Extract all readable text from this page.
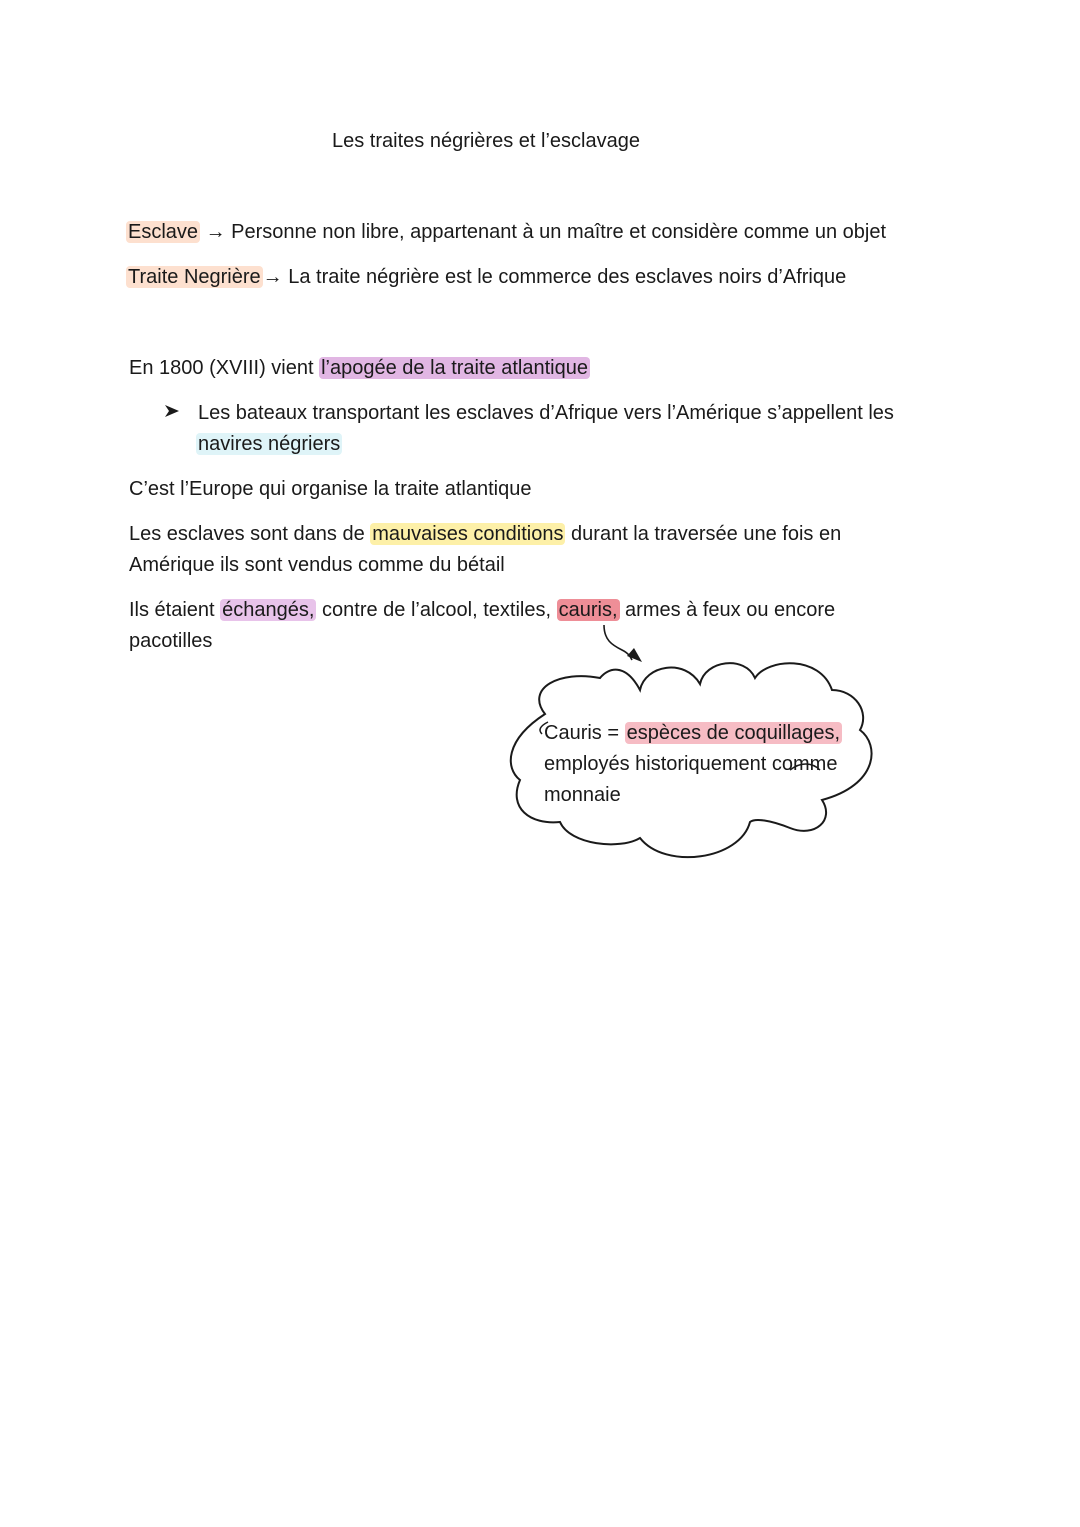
Les traites négrières et l’esclavage
Esclave → Personne non libre, appartenant à un maître et considère comme un objet
Traite Negrière → La traite négrière est le commerce des esclaves noirs d’Afrique
En 1800 (XVIII) vient l’apogée de la traite atlantique
Les bateaux transportant les esclaves d’Afrique vers l’Amérique s’appellent les
navires négriers
C’est l’Europe qui organise la traite atlantique
Les esclaves sont dans de mauvaises conditions durant la traversée une fois en
Amérique ils sont vendus comme du bétail
Ils étaient échangés, contre de l’alcool, textiles, cauris, armes à feux ou encore
pacotilles
Cauris = espèces de coquillages,
employés historiquement comme
monnaie
